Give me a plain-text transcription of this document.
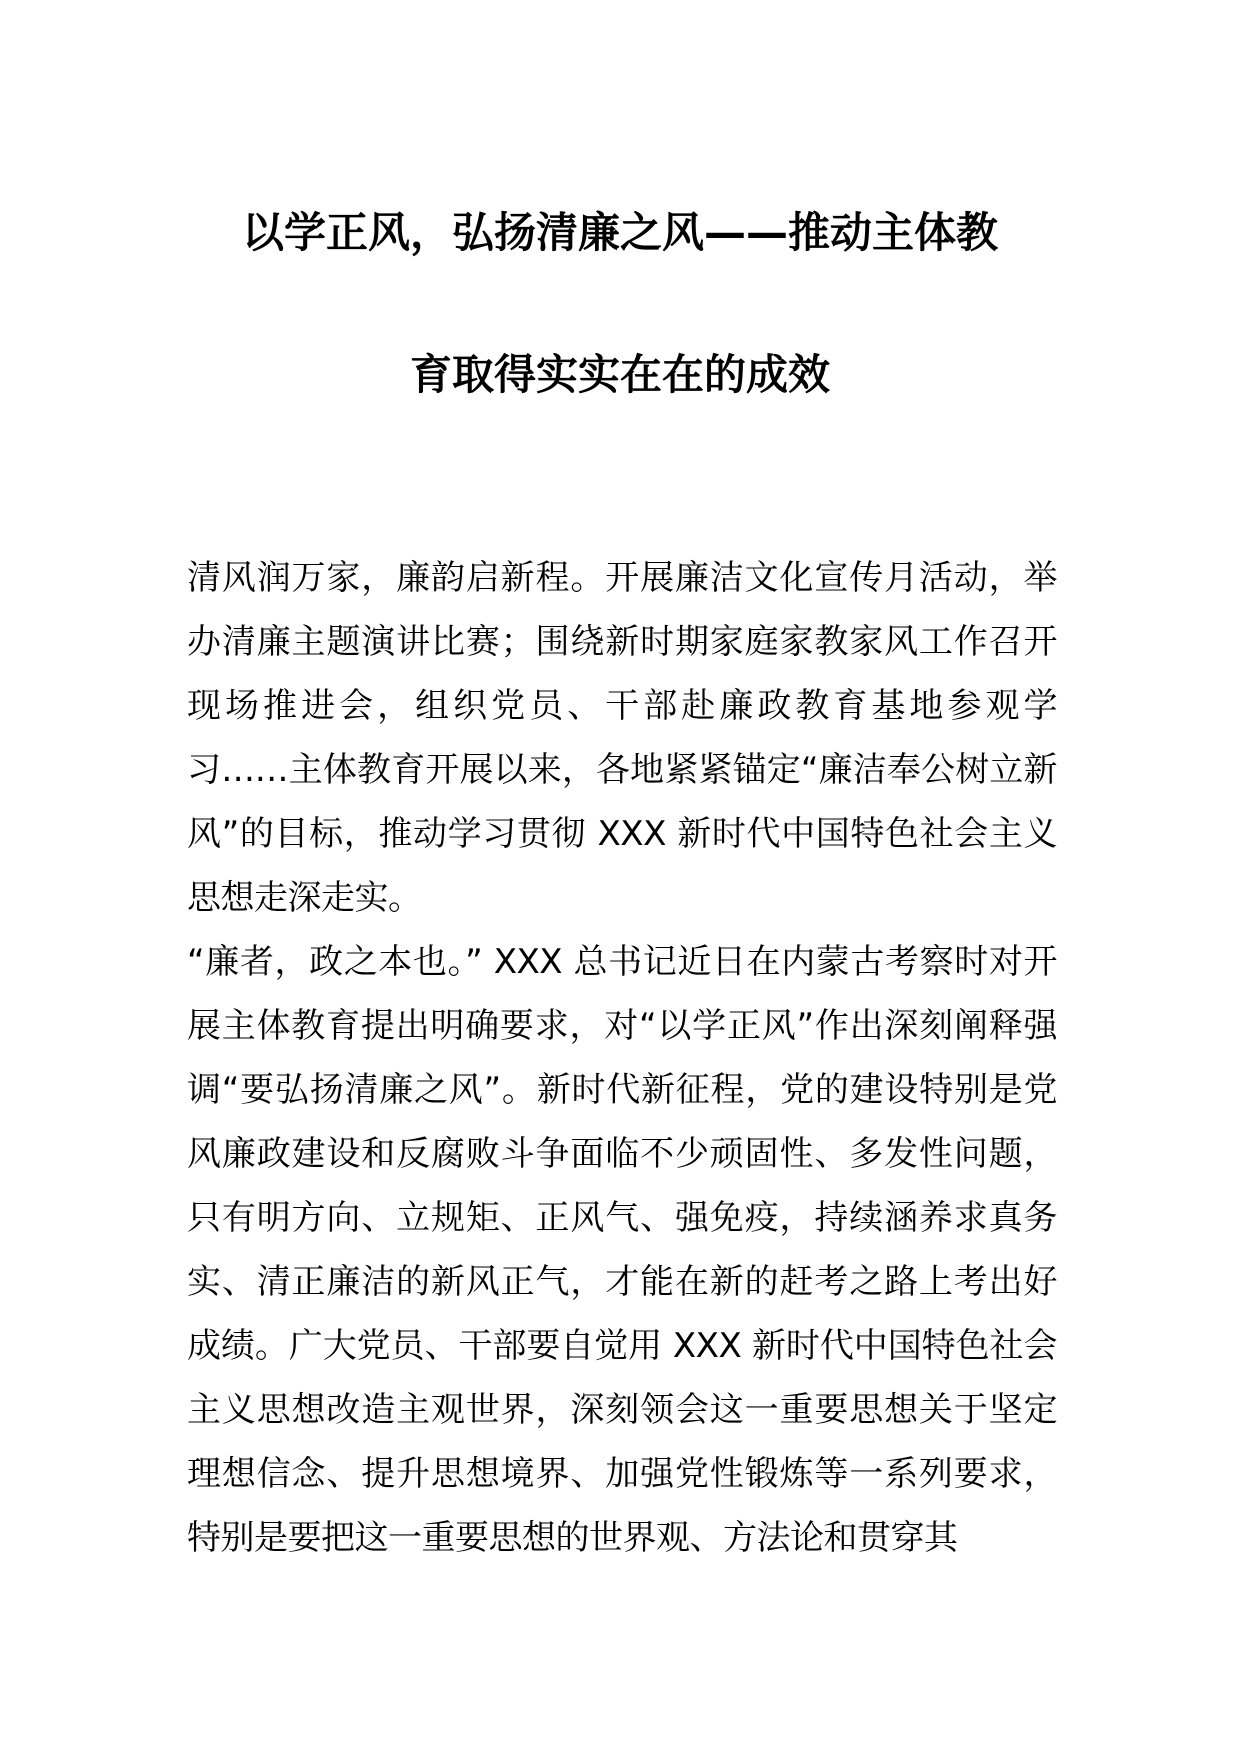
以学正风，弘扬清廉之风——推动主体教
育取得实实在在的成效

清风润万家，廉韵启新程。开展廉洁文化宣传月活动，举办清廉主题演讲比赛；围绕新时期家庭家教家风工作召开现场推进会，组织党员、干部赴廉政教育基地参观学习……主体教育开展以来，各地紧紧锚定“廉洁奉公树立新风”的目标，推动学习贯彻 XXX 新时代中国特色社会主义思想走深走实。

“廉者，政之本也。” XXX 总书记近日在内蒙古考察时对开展主体教育提出明确要求，对“以学正风”作出深刻阐释强调“要弘扬清廉之风”。新时代新征程，党的建设特别是党风廉政建设和反腐败斗争面临不少顽固性、多发性问题，只有明方向、立规矩、正风气、强免疫，持续涵养求真务实、清正廉洁的新风正气，才能在新的赶考之路上考出好成绩。广大党员、干部要自觉用 XXX 新时代中国特色社会主义思想改造主观世界，深刻领会这一重要思想关于坚定理想信念、提升思想境界、加强党性锻炼等一系列要求，特别是要把这一重要思想的世界观、方法论和贯穿其
